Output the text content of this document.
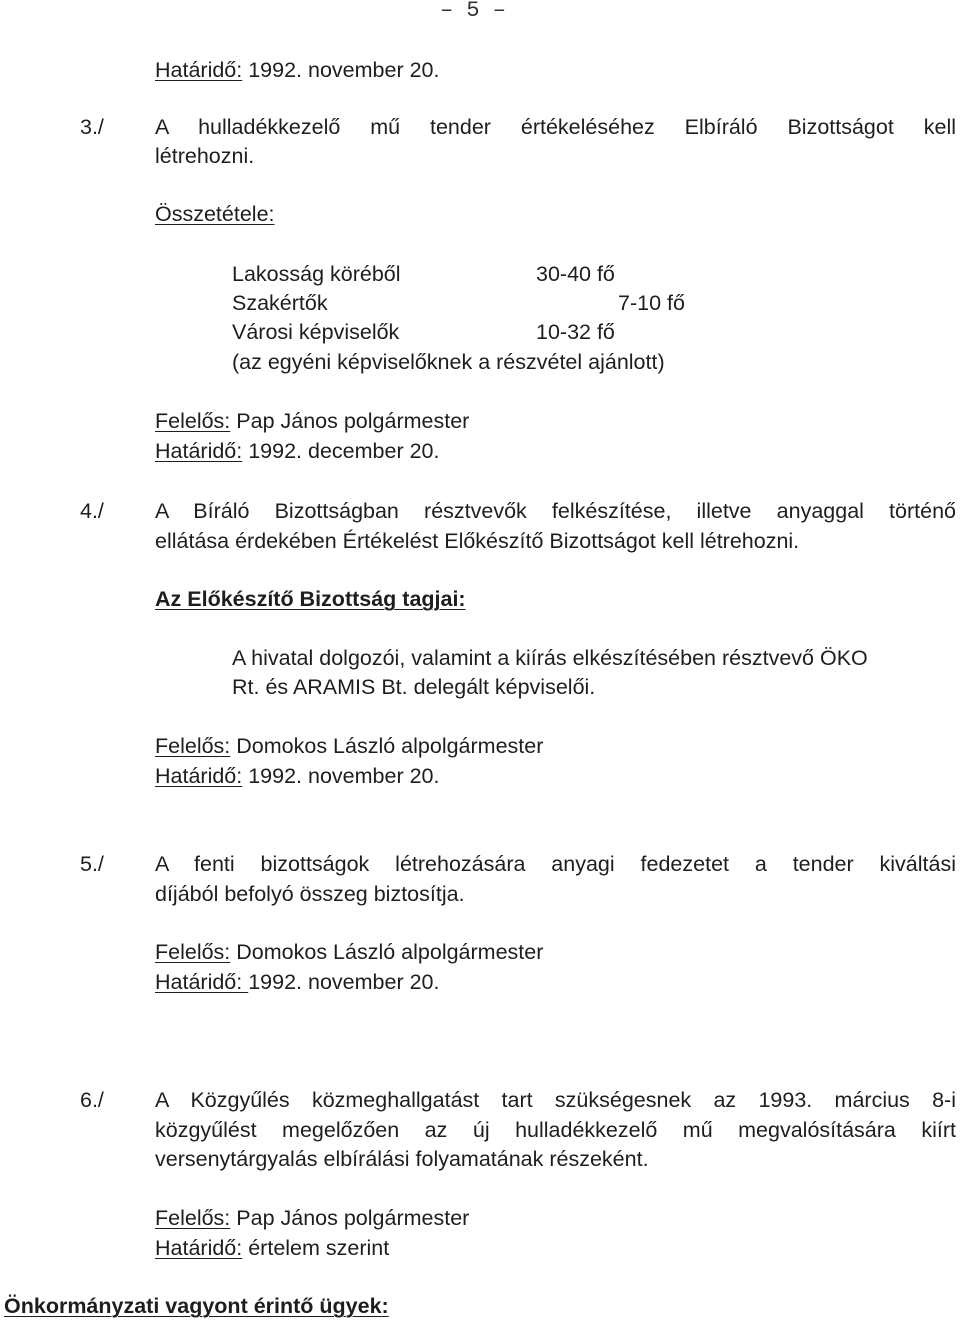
– 5 –
Határidő: 1992. november 20.
3./ A hulladékkezelő mű tender értékeléséhez Elbíráló Bizottságot kell
létrehozni.
Összetétele:
Lakosság köréből	30-40 fő
Szakértők	7-10 fő
Városi képviselők	10-32 fő
(az egyéni képviselőknek a részvétel ajánlott)
Felelős: Pap János polgármester
Határidő: 1992. december 20.
4./ A Bíráló Bizottságban résztvevők felkészítése, illetve anyaggal történő
ellátása érdekében Értékelést Előkészítő Bizottságot kell létrehozni.
Az Előkészítő Bizottság tagjai:
A hivatal dolgozói, valamint a kiírás elkészítésében résztvevő ÖKO
Rt. és ARAMIS Bt. delegált képviselői.
Felelős: Domokos László alpolgármester
Határidő: 1992. november 20.
5./ A fenti bizottságok létrehozására anyagi fedezetet a tender kiváltási
díjából befolyó összeg biztosítja.
Felelős: Domokos László alpolgármester
Határidő: 1992. november 20.
6./ A Közgyűlés közmeghallgatást tart szükségesnek az 1993. március 8-i
közgyűlést megelőzően az új hulladékkezelő mű megvalósítására kiírt
versenytárgyalás elbírálási folyamatának részeként.
Felelős: Pap János polgármester
Határidő: értelem szerint
Önkormányzati vagyont érintő ügyek:
